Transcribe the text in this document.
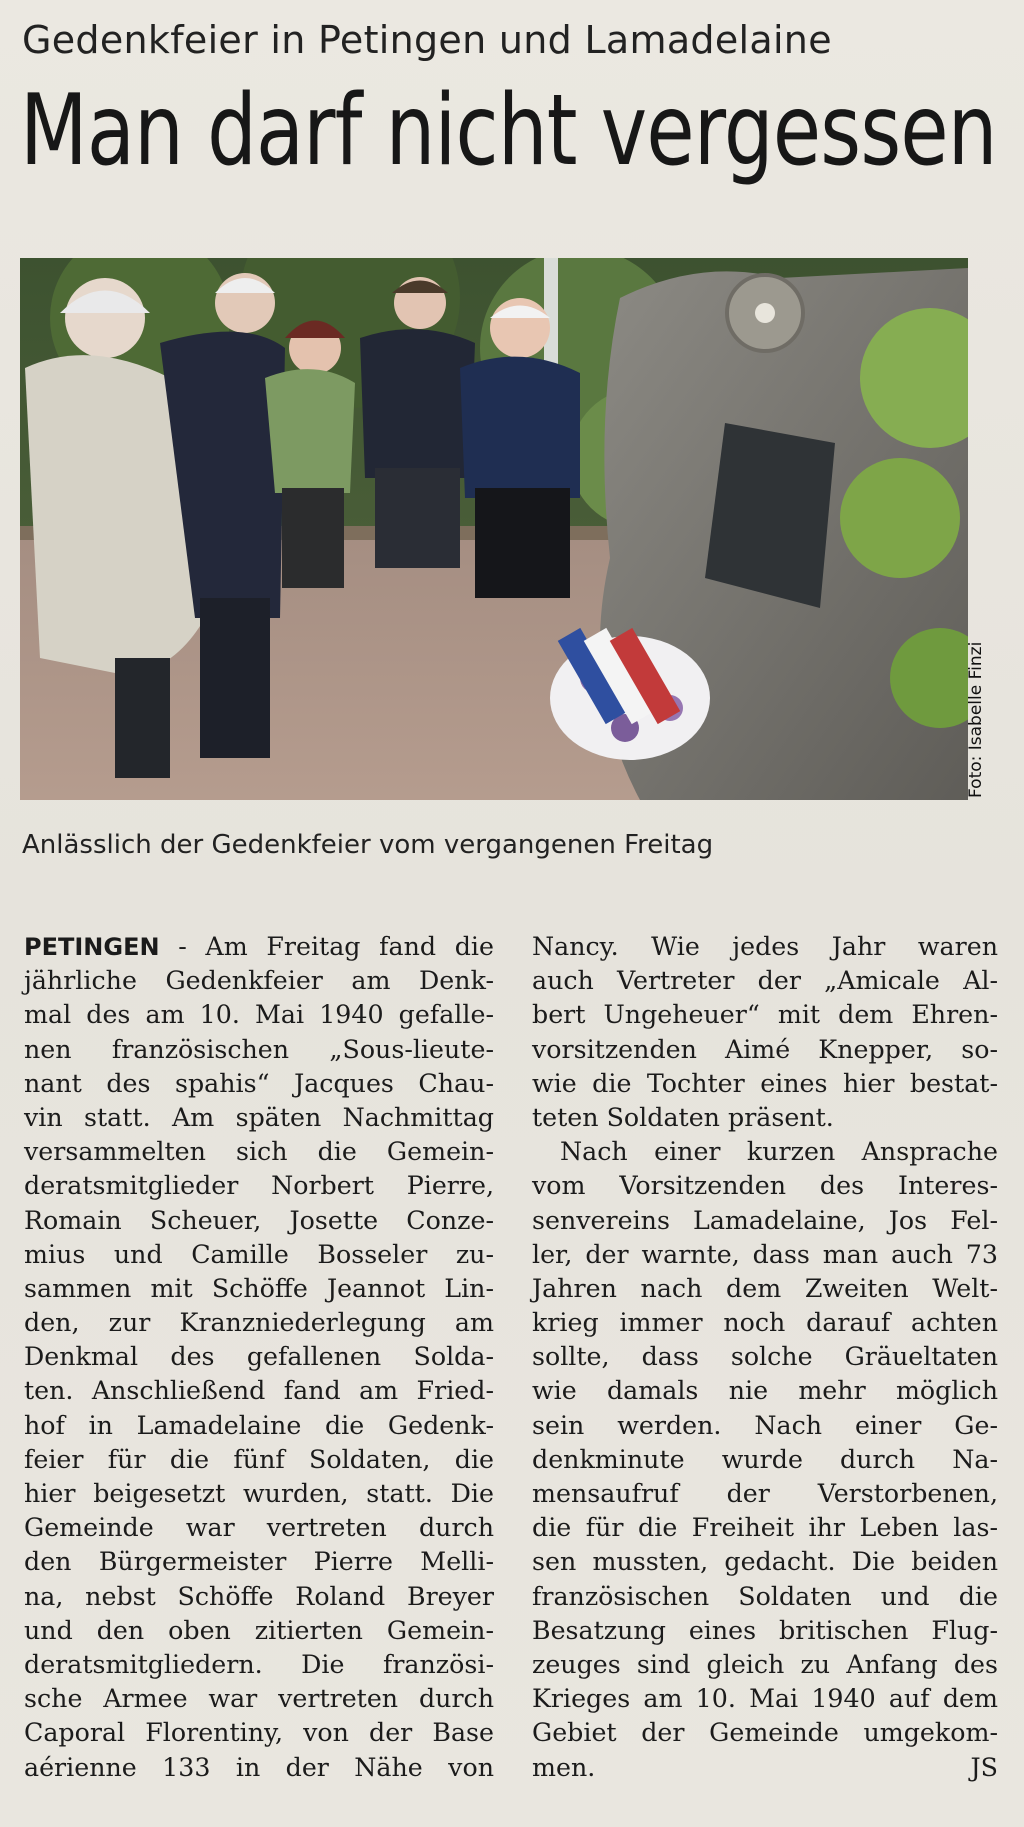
Gedenkfeier in Petingen und Lamadelaine
Man darf nicht vergessen
Foto: Isabelle Finzi
Anlässlich der Gedenkfeier vom vergangenen Freitag
PETINGEN - Am Freitag fand die
jährliche Gedenkfeier am Denk-
mal des am 10. Mai 1940 gefalle-
nen französischen „Sous-lieute-
nant des spahis“ Jacques Chau-
vin statt. Am späten Nachmittag
versammelten sich die Gemein-
deratsmitglieder Norbert Pierre,
Romain Scheuer, Josette Conze-
mius und Camille Bosseler zu-
sammen mit Schöffe Jeannot Lin-
den, zur Kranzniederlegung am
Denkmal des gefallenen Solda-
ten. Anschließend fand am Fried-
hof in Lamadelaine die Gedenk-
feier für die fünf Soldaten, die
hier beigesetzt wurden, statt. Die
Gemeinde war vertreten durch
den Bürgermeister Pierre Melli-
na, nebst Schöffe Roland Breyer
und den oben zitierten Gemein-
deratsmitgliedern. Die französi-
sche Armee war vertreten durch
Caporal Florentiny, von der Base
aérienne 133 in der Nähe von
Nancy. Wie jedes Jahr waren
auch Vertreter der „Amicale Al-
bert Ungeheuer“ mit dem Ehren-
vorsitzenden Aimé Knepper, so-
wie die Tochter eines hier bestat-
teten Soldaten präsent.
Nach einer kurzen Ansprache
vom Vorsitzenden des Interes-
senvereins Lamadelaine, Jos Fel-
ler, der warnte, dass man auch 73
Jahren nach dem Zweiten Welt-
krieg immer noch darauf achten
sollte, dass solche Gräueltaten
wie damals nie mehr möglich
sein werden. Nach einer Ge-
denkminute wurde durch Na-
mensaufruf der Verstorbenen,
die für die Freiheit ihr Leben las-
sen mussten, gedacht. Die beiden
französischen Soldaten und die
Besatzung eines britischen Flug-
zeuges sind gleich zu Anfang des
Krieges am 10. Mai 1940 auf dem
Gebiet der Gemeinde umgekom-
men.	JS
